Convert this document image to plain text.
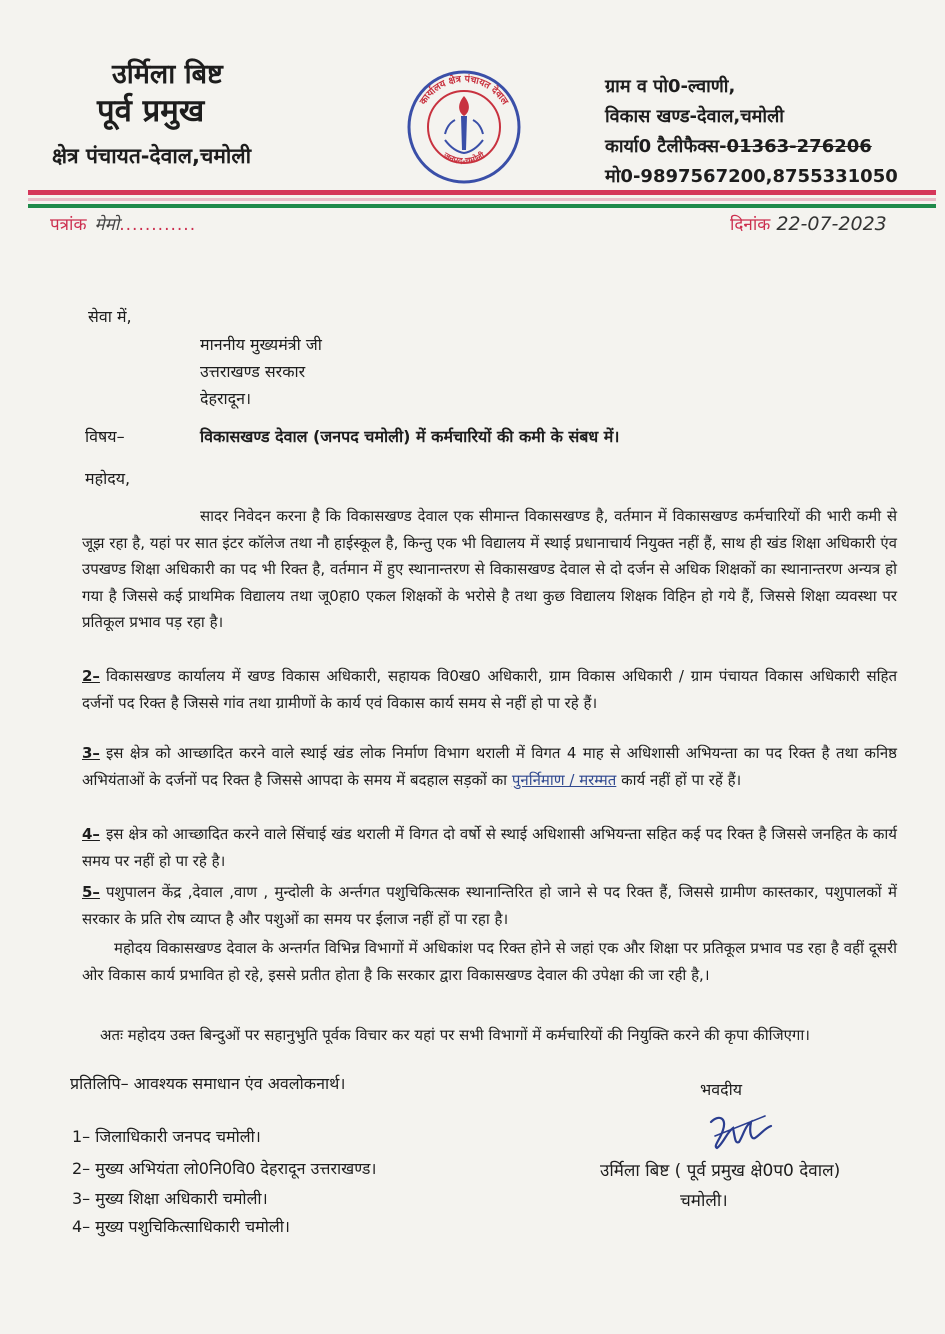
उर्मिला बिष्ट
पूर्व प्रमुख
क्षेत्र पंचायत-देवाल,चमोली
कार्यालय क्षेत्र पंचायत देवाल
जनपद-चमोली
ग्राम व पो0-ल्वाणी,
विकास खण्ड-देवाल,चमोली
कार्या0 टैलीफैक्स-01363-276206
मो0-9897567200,8755331050
पत्रांक मेमो............	दिनांक 22-07-2023
सेवा में,
माननीय मुख्यमंत्री जी
उत्तराखण्ड सरकार
देहरादून।
विषय–	विकासखण्ड देवाल (जनपद चमोली) में कर्मचारियों की कमी के संबध में।
महोदय,
सादर निवेदन करना है कि विकासखण्ड देवाल एक सीमान्त विकासखण्ड है, वर्तमान में विकासखण्ड कर्मचारियों की भारी कमी से जूझ रहा है, यहां पर सात इंटर कॉलेज तथा नौ हाईस्कूल है, किन्तु एक भी विद्यालय में स्थाई प्रधानाचार्य नियुक्त नहीं हैं, साथ ही खंड शिक्षा अधिकारी एंव उपखण्ड शिक्षा अधिकारी का पद भी रिक्त है, वर्तमान में हुए स्थानान्तरण से विकासखण्ड देवाल से दो दर्जन से अधिक शिक्षकों का स्थानान्तरण अन्यत्र हो गया है जिससे कई प्राथमिक विद्यालय तथा जू0हा0 एकल शिक्षकों के भरोसे है तथा कुछ विद्यालय शिक्षक विहिन हो गये हैं, जिससे शिक्षा व्यवस्था पर प्रतिकूल प्रभाव पड़ रहा है।
2– विकासखण्ड कार्यालय में खण्ड विकास अधिकारी, सहायक वि0ख0 अधिकारी, ग्राम विकास अधिकारी / ग्राम पंचायत विकास अधिकारी सहित दर्जनों पद रिक्त है जिससे गांव तथा ग्रामीणों के कार्य एवं विकास कार्य समय से नहीं हो पा रहे हैं।
3– इस क्षेत्र को आच्छादित करने वाले स्थाई खंड लोक निर्माण विभाग थराली में विगत 4 माह से अधिशासी अभियन्ता का पद रिक्त है तथा कनिष्ठ अभियंताओं के दर्जनों पद रिक्त है जिससे आपदा के समय में बदहाल सड़कों का पुनर्निमाण / मरम्मत कार्य नहीं हों पा रहें हैं।
4– इस क्षेत्र को आच्छादित करने वाले सिंचाई खंड थराली में विगत दो वर्षो से स्थाई अधिशासी अभियन्ता सहित कई पद रिक्त है जिससे जनहित के कार्य समय पर नहीं हो पा रहे है।
5– पशुपालन केंद्र ,देवाल ,वाण , मुन्दोली के अर्न्तगत पशुचिकित्सक स्थानान्तिरित हो जाने से पद रिक्त हैं, जिससे ग्रामीण कास्तकार, पशुपालकों में सरकार के प्रति रोष व्याप्त है और पशुओं का समय पर ईलाज नहीं हों पा रहा है।
महोदय विकासखण्ड देवाल के अन्तर्गत विभिन्न विभागों में अधिकांश पद रिक्त होने से जहां एक और शिक्षा पर प्रतिकूल प्रभाव पड रहा है वहीं दूसरी ओर विकास कार्य प्रभावित हो रहे, इससे प्रतीत होता है कि सरकार द्वारा विकासखण्ड देवाल की उपेक्षा की जा रही है,।
अतः महोदय उक्त बिन्दुओं पर सहानुभुति पूर्वक विचार कर यहां पर सभी विभागों में कर्मचारियों की नियुक्ति करने की कृपा कीजिएगा।
प्रतिलिपि– आवश्यक समाधान एंव अवलोकनार्थ।
1– जिलाधिकारी जनपद चमोली।
2– मुख्य अभियंता लो0नि0वि0 देहरादून उत्तराखण्ड।
3– मुख्य शिक्षा अधिकारी चमोली।
4– मुख्य पशुचिकित्साधिकारी चमोली।
भवदीय
उर्मिला बिष्ट ( पूर्व प्रमुख क्षे0प0 देवाल)
चमोली।
